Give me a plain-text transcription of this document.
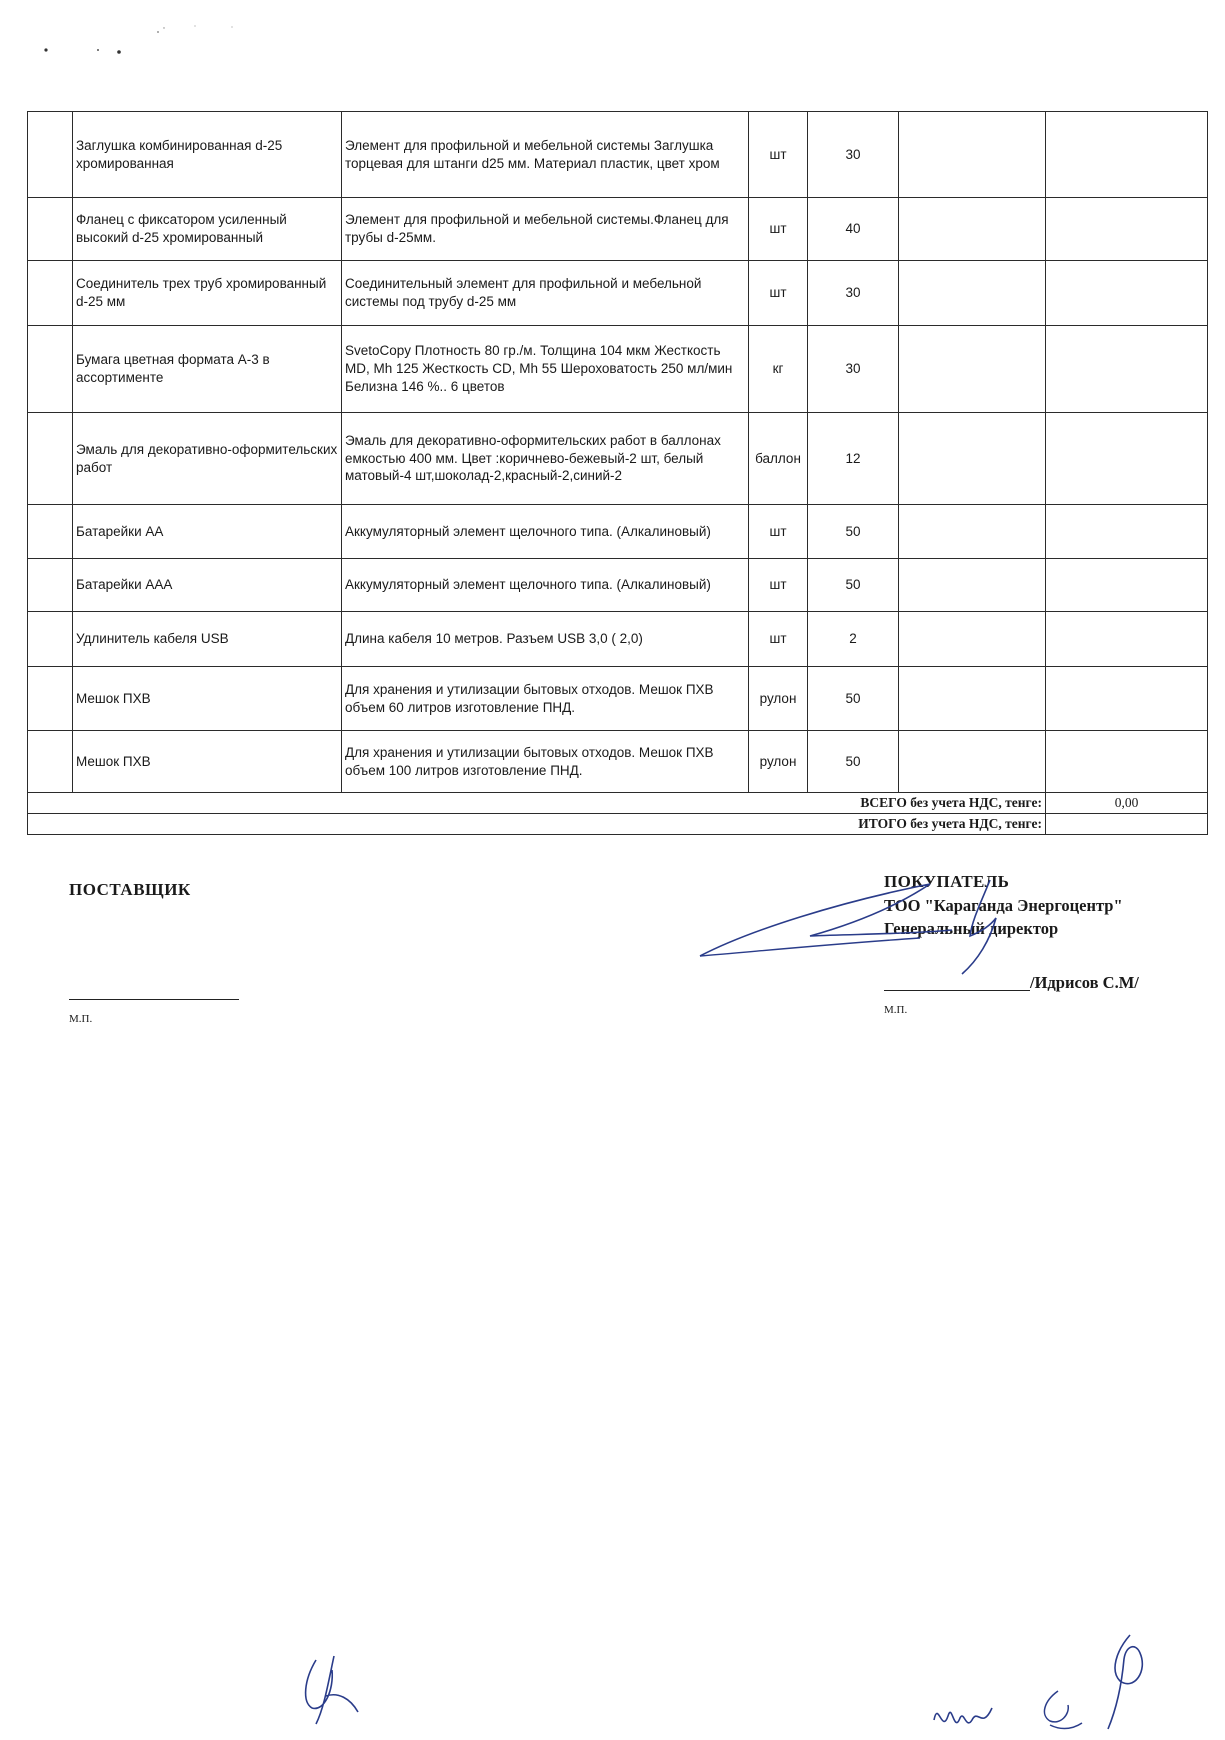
	Заглушка комбинированная d-25 хромированная	Элемент для профильной и мебельной системы Заглушка торцевая для штанги d25 мм. Материал пластик, цвет хром	шт	30		
	Фланец с фиксатором усиленный высокий d-25 хромированный	Элемент для профильной и мебельной системы.Фланец для трубы d-25мм.	шт	40		
	Соединитель трех труб хромированный d-25 мм	Соединительный элемент для профильной и мебельной системы под трубу d-25 мм	шт	30		
	Бумага цветная формата А-3 в ассортименте	SvetoCopy Плотность 80 гр./м. Толщина 104 мкм Жесткость MD, Mh 125 Жесткость CD, Mh 55 Шероховатость 250 мл/мин Белизна 146 %.. 6 цветов	кг	30		
	Эмаль для декоративно-оформительских работ	Эмаль для декоративно-оформительских работ в баллонах емкостью 400 мм. Цвет :коричнево-бежевый-2 шт, белый матовый-4 шт,шоколад-2,красный-2,синий-2	баллон	12		
	Батарейки АА	Аккумуляторный элемент щелочного типа. (Алкалиновый)	шт	50		
	Батарейки ААА	Аккумуляторный элемент щелочного типа. (Алкалиновый)	шт	50		
	Удлинитель кабеля USB	Длина кабеля 10 метров. Разъем USB 3,0 ( 2,0)	шт	2		
	Мешок ПХВ	Для хранения и утилизации бытовых отходов. Мешок ПХВ объем 60 литров изготовление ПНД.	рулон	50		
	Мешок ПХВ	Для хранения и утилизации бытовых отходов. Мешок ПХВ объем 100 литров изготовление ПНД.	рулон	50		
ВСЕГО без учета НДС, тенге:						0,00
ИТОГО без учета НДС, тенге:						
ПОСТАВЩИК
М.П.
ПОКУПАТЕЛЬ
ТОО "Караганда Энергоцентр"
Генеральный директор
/Идрисов С.М/
М.П.
